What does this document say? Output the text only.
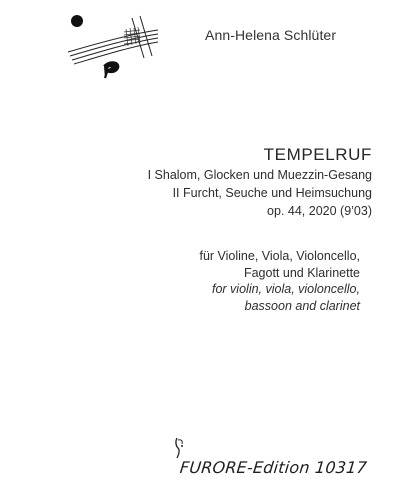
Ann-Helena Schlüter
TEMPELRUF
I Shalom, Glocken und Muezzin-Gesang
II Furcht, Seuche und Heimsuchung
op. 44, 2020 (9’03)
für Violine, Viola, Violoncello,
Fagott und Klarinette
for violin, viola, violoncello,
bassoon and clarinet
FURORE-Edition 10317
